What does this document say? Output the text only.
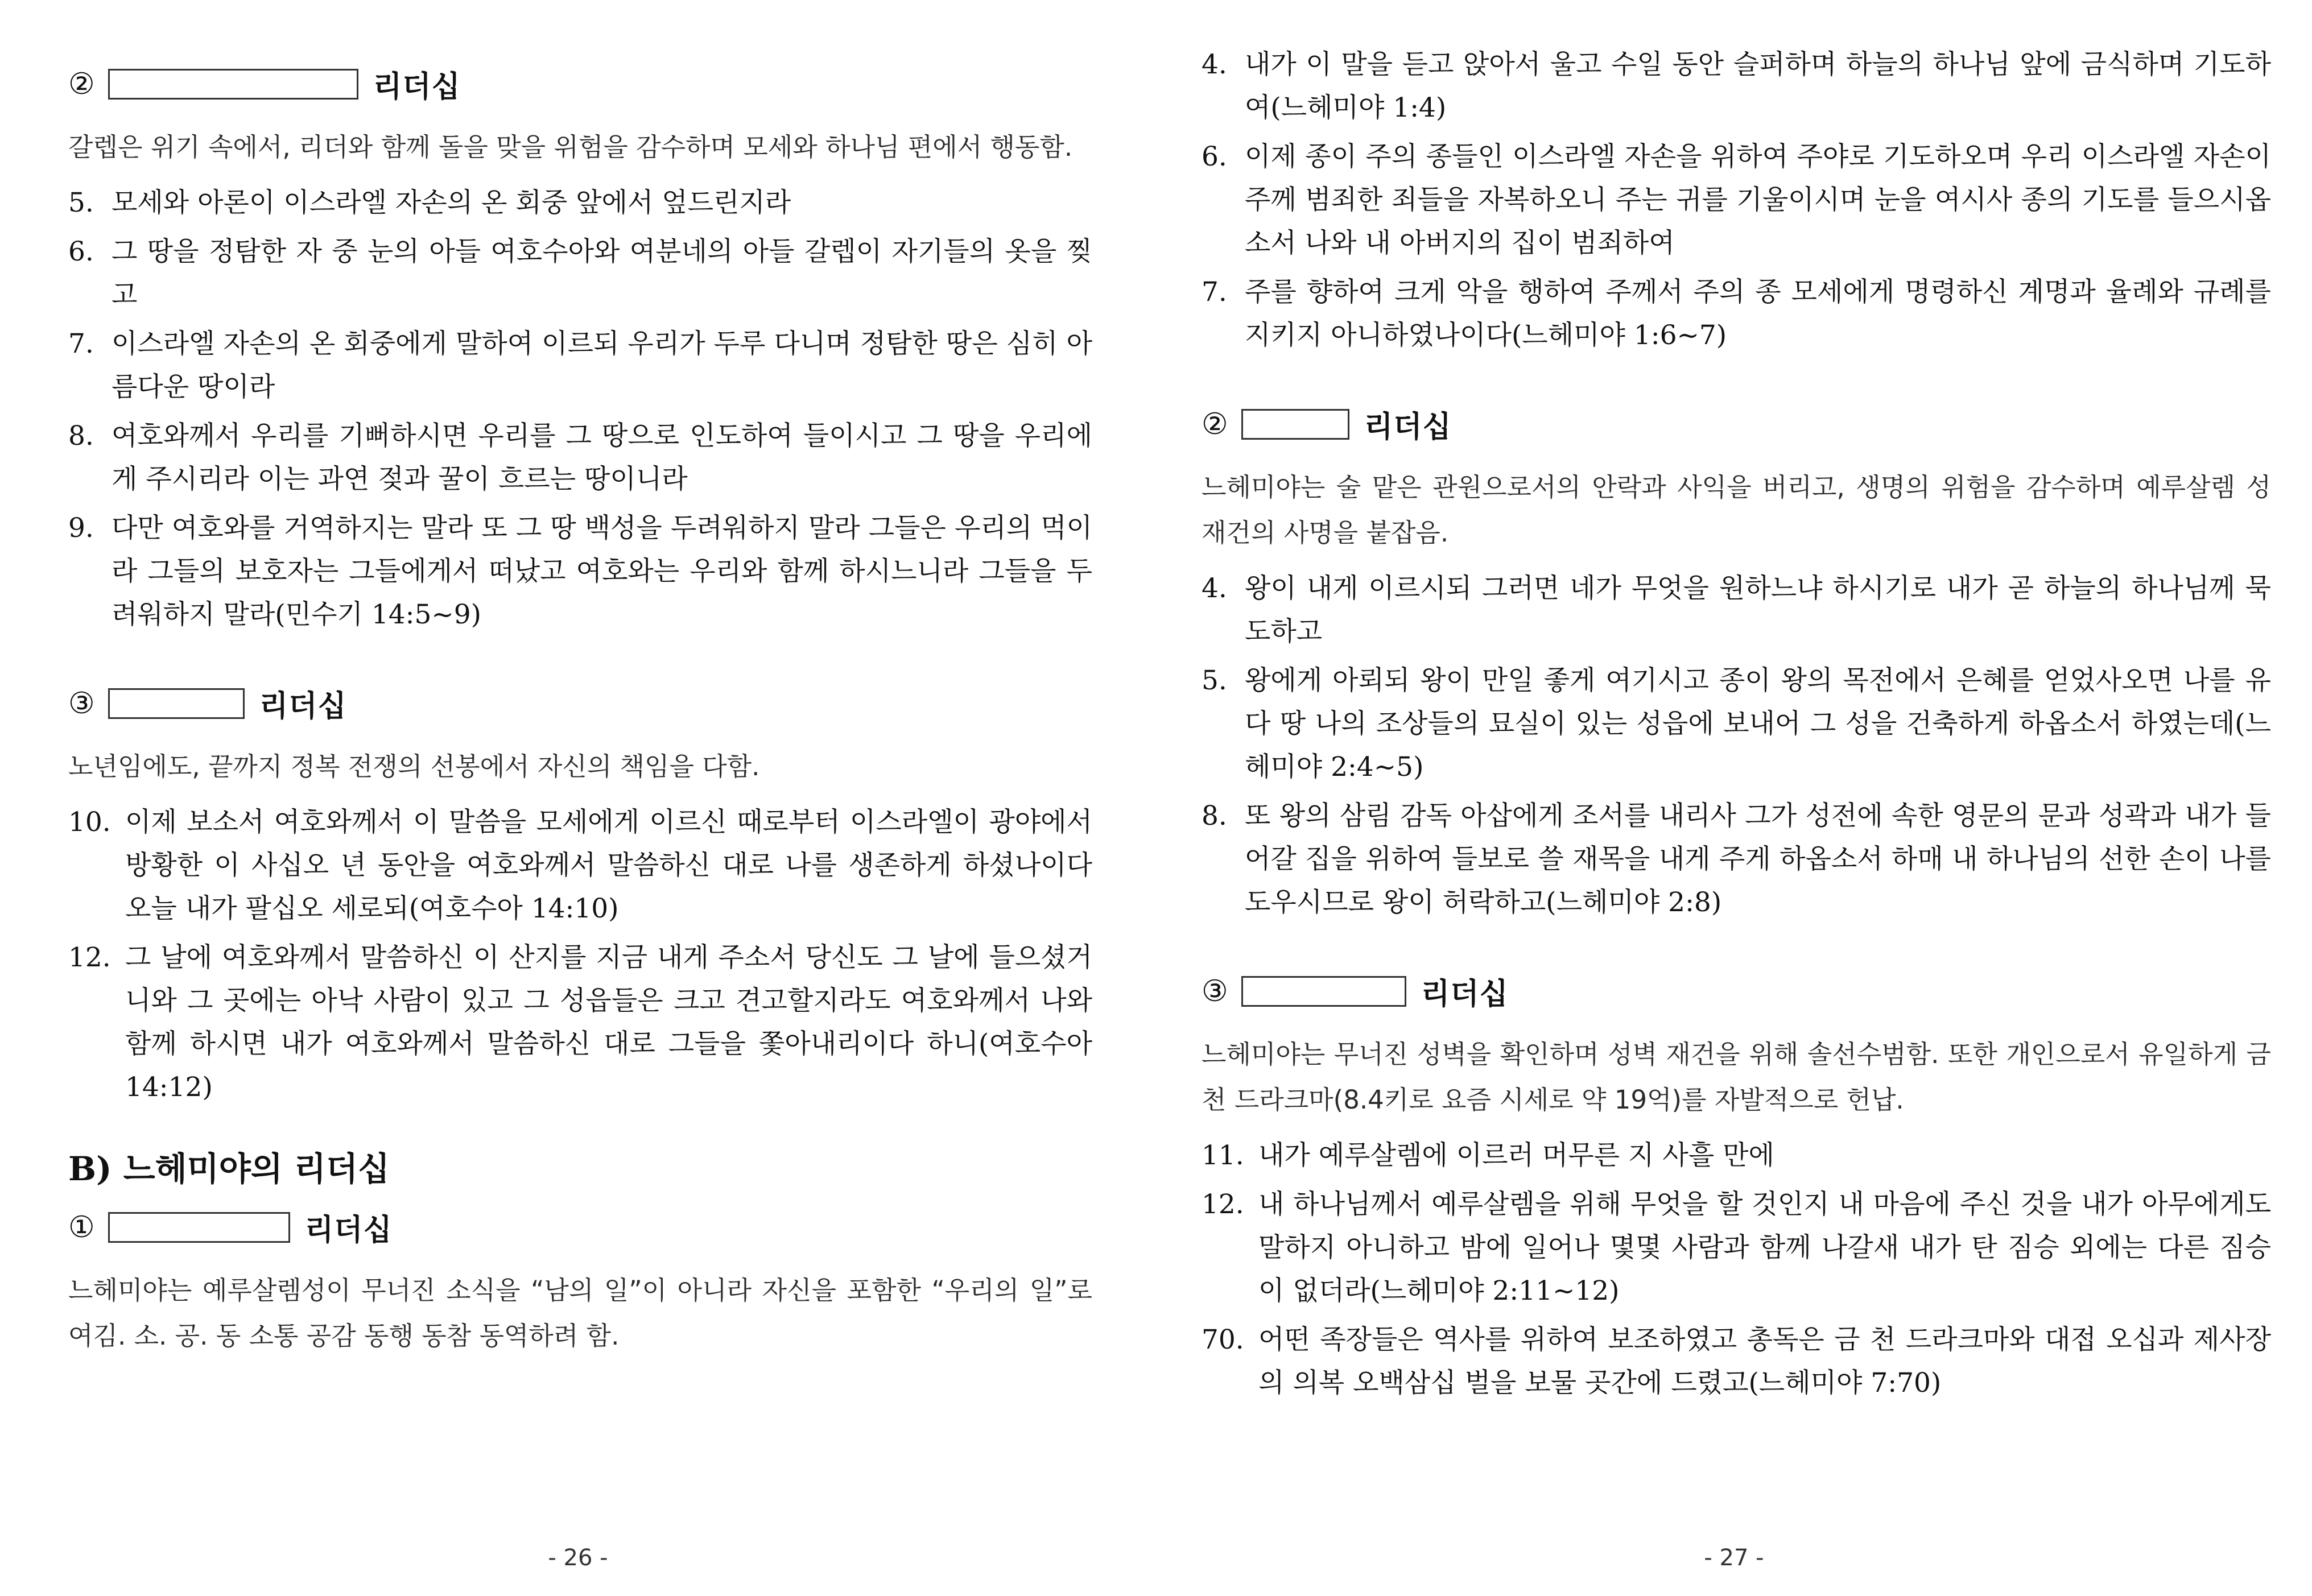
②	리더십
갈렙은 위기 속에서, 리더와 함께 돌을 맞을 위험을 감수하며 모세와 하나님 편에서 행동함.
5. 모세와 아론이 이스라엘 자손의 온 회중 앞에서 엎드린지라
6. 그 땅을 정탐한 자 중 눈의 아들 여호수아와 여분네의 아들 갈렙이 자기들의 옷을 찢고
7. 이스라엘 자손의 온 회중에게 말하여 이르되 우리가 두루 다니며 정탐한 땅은 심히 아름다운 땅이라
8. 여호와께서 우리를 기뻐하시면 우리를 그 땅으로 인도하여 들이시고 그 땅을 우리에게 주시리라 이는 과연 젖과 꿀이 흐르는 땅이니라
9. 다만 여호와를 거역하지는 말라 또 그 땅 백성을 두려워하지 말라 그들은 우리의 먹이라 그들의 보호자는 그들에게서 떠났고 여호와는 우리와 함께 하시느니라 그들을 두려워하지 말라(민수기 14:5~9)
③	리더십
노년임에도, 끝까지 정복 전쟁의 선봉에서 자신의 책임을 다함.
10. 이제 보소서 여호와께서 이 말씀을 모세에게 이르신 때로부터 이스라엘이 광야에서 방황한 이 사십오 년 동안을 여호와께서 말씀하신 대로 나를 생존하게 하셨나이다 오늘 내가 팔십오 세로되(여호수아 14:10)
12. 그 날에 여호와께서 말씀하신 이 산지를 지금 내게 주소서 당신도 그 날에 들으셨거니와 그 곳에는 아낙 사람이 있고 그 성읍들은 크고 견고할지라도 여호와께서 나와 함께 하시면 내가 여호와께서 말씀하신 대로 그들을 쫓아내리이다 하니(여호수아 14:12)
B) 느헤미야의 리더십
①	리더십
느헤미야는 예루살렘성이 무너진 소식을 “남의 일”이 아니라 자신을 포함한 “우리의 일”로 여김. 소. 공. 동 소통 공감 동행 동참 동역하려 함.
- 26 -
4. 내가 이 말을 듣고 앉아서 울고 수일 동안 슬퍼하며 하늘의 하나님 앞에 금식하며 기도하여(느헤미야 1:4)
6. 이제 종이 주의 종들인 이스라엘 자손을 위하여 주야로 기도하오며 우리 이스라엘 자손이 주께 범죄한 죄들을 자복하오니 주는 귀를 기울이시며 눈을 여시사 종의 기도를 들으시옵소서 나와 내 아버지의 집이 범죄하여
7. 주를 향하여 크게 악을 행하여 주께서 주의 종 모세에게 명령하신 계명과 율례와 규례를 지키지 아니하였나이다(느헤미야 1:6~7)
②	리더십
느헤미야는 술 맡은 관원으로서의 안락과 사익을 버리고, 생명의 위험을 감수하며 예루살렘 성 재건의 사명을 붙잡음.
4. 왕이 내게 이르시되 그러면 네가 무엇을 원하느냐 하시기로 내가 곧 하늘의 하나님께 묵도하고
5. 왕에게 아뢰되 왕이 만일 좋게 여기시고 종이 왕의 목전에서 은혜를 얻었사오면 나를 유다 땅 나의 조상들의 묘실이 있는 성읍에 보내어 그 성을 건축하게 하옵소서 하였는데(느헤미야 2:4~5)
8. 또 왕의 삼림 감독 아삽에게 조서를 내리사 그가 성전에 속한 영문의 문과 성곽과 내가 들어갈 집을 위하여 들보로 쓸 재목을 내게 주게 하옵소서 하매 내 하나님의 선한 손이 나를 도우시므로 왕이 허락하고(느헤미야 2:8)
③	리더십
느헤미야는 무너진 성벽을 확인하며 성벽 재건을 위해 솔선수범함. 또한 개인으로서 유일하게 금 천 드라크마(8.4키로 요즘 시세로 약 19억)를 자발적으로 헌납.
11. 내가 예루살렘에 이르러 머무른 지 사흘 만에
12. 내 하나님께서 예루살렘을 위해 무엇을 할 것인지 내 마음에 주신 것을 내가 아무에게도 말하지 아니하고 밤에 일어나 몇몇 사람과 함께 나갈새 내가 탄 짐승 외에는 다른 짐승이 없더라(느헤미야 2:11~12)
70. 어떤 족장들은 역사를 위하여 보조하였고 총독은 금 천 드라크마와 대접 오십과 제사장의 의복 오백삼십 벌을 보물 곳간에 드렸고(느헤미야 7:70)
- 27 -
